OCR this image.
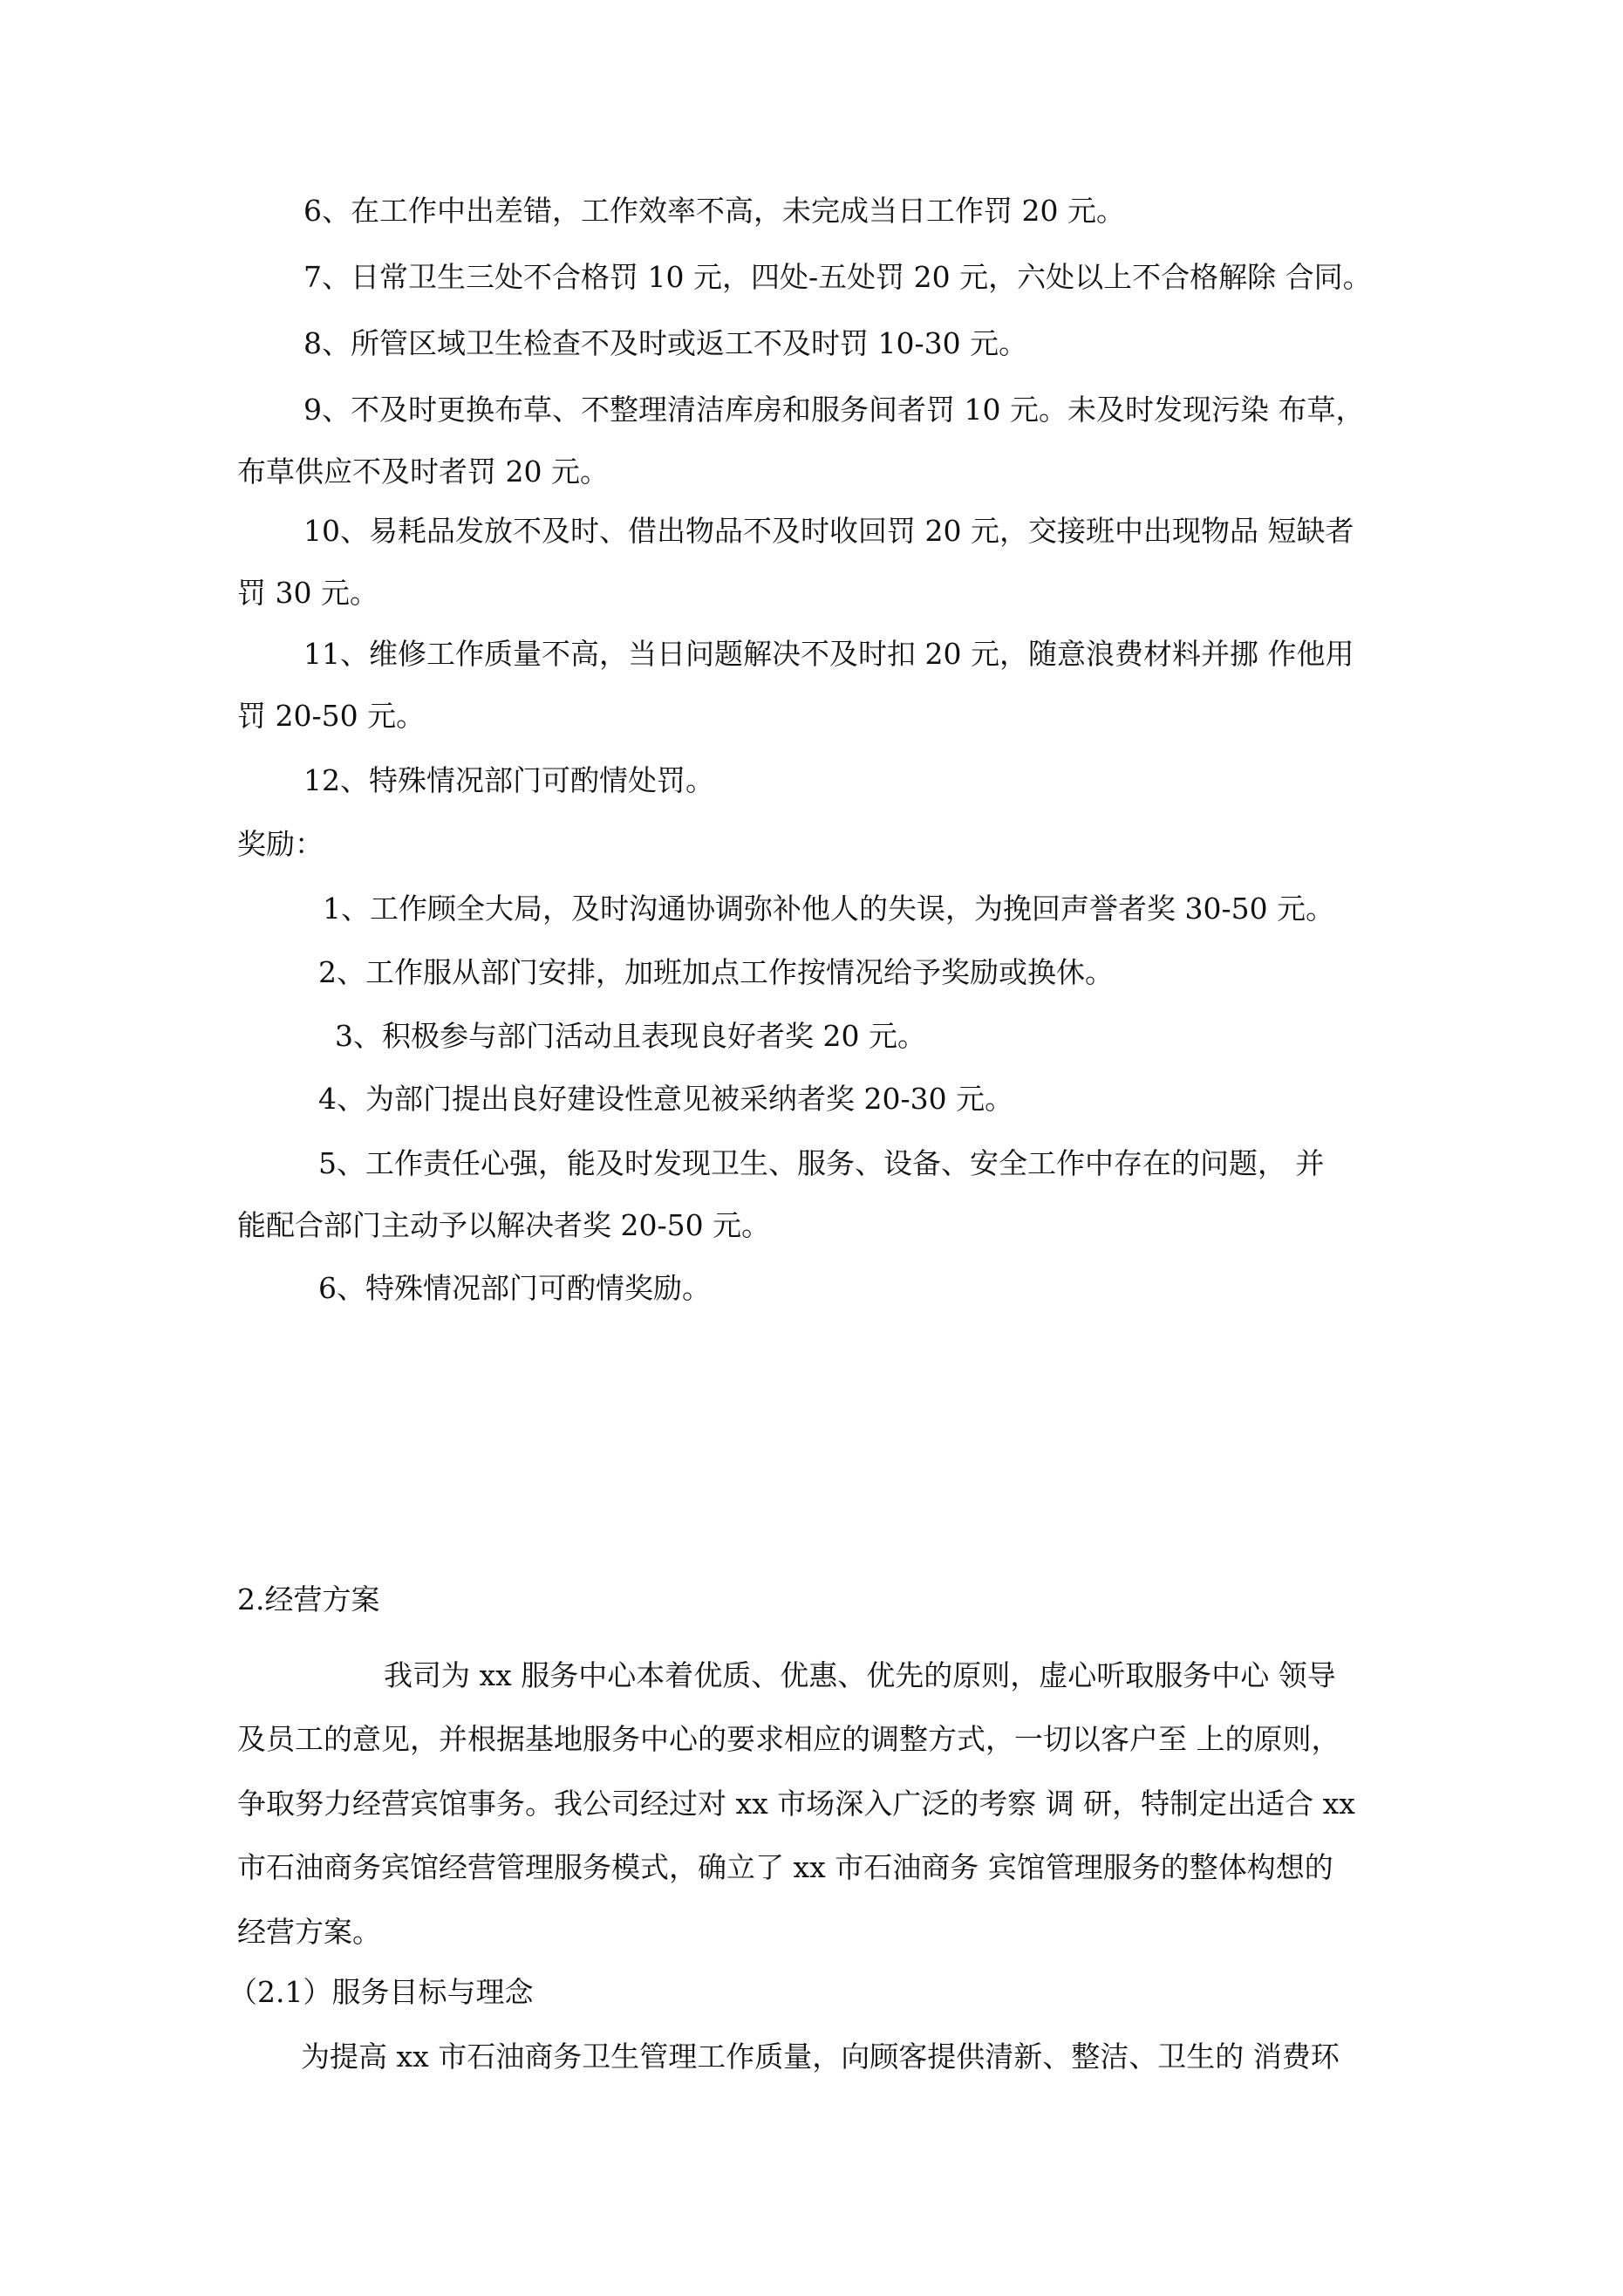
6、在工作中出差错，工作效率不高，未完成当日工作罚 20 元。
7、日常卫生三处不合格罚 10 元，四处-五处罚 20 元，六处以上不合格解除 合同。
8、所管区域卫生检查不及时或返工不及时罚 10-30 元。
9、不及时更换布草、不整理清洁库房和服务间者罚 10 元。未及时发现污染 布草，
布草供应不及时者罚 20 元。
10、易耗品发放不及时、借出物品不及时收回罚 20 元，交接班中出现物品 短缺者
罚 30 元。
11、维修工作质量不高，当日问题解决不及时扣 20 元，随意浪费材料并挪 作他用
罚 20-50 元。
12、特殊情况部门可酌情处罚。
奖励：
1、工作顾全大局，及时沟通协调弥补他人的失误，为挽回声誉者奖 30-50 元。
2、工作服从部门安排，加班加点工作按情况给予奖励或换休。
3、积极参与部门活动且表现良好者奖 20 元。
4、为部门提出良好建设性意见被采纳者奖 20-30 元。
5、工作责任心强，能及时发现卫生、服务、设备、安全工作中存在的问题， 并
能配合部门主动予以解决者奖 20-50 元。
6、特殊情况部门可酌情奖励。
2.经营方案
我司为 xx 服务中心本着优质、优惠、优先的原则，虚心听取服务中心 领导
及员工的意见，并根据基地服务中心的要求相应的调整方式，一切以客户至 上的原则，
争取努力经营宾馆事务。我公司经过对 xx 市场深入广泛的考察 调 研，特制定出适合 xx
市石油商务宾馆经营管理服务模式，确立了 xx 市石油商务 宾馆管理服务的整体构想的
经营方案。
（2.1）服务目标与理念
为提高 xx 市石油商务卫生管理工作质量，向顾客提供清新、整洁、卫生的 消费环
